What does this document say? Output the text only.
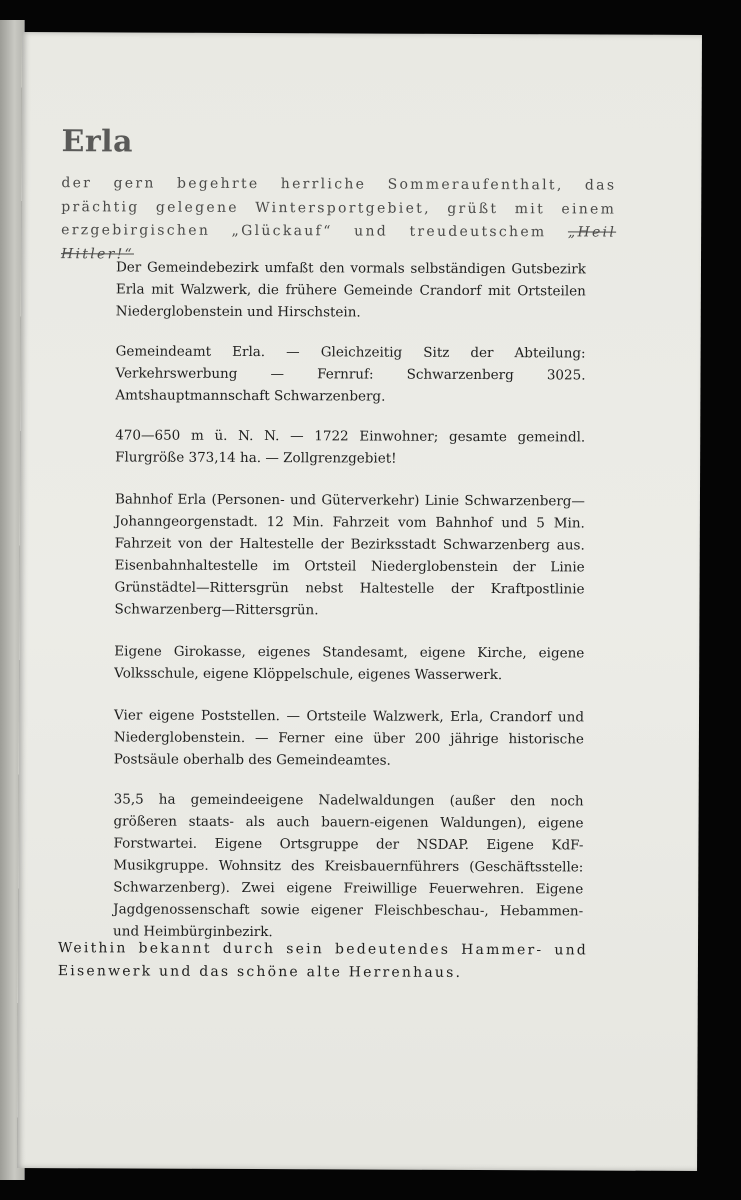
Erla

der gern begehrte herrliche Sommeraufenthalt, das prächtig gelegene Wintersportgebiet, grüßt mit einem erzgebirgischen „Glückauf“ und treudeutschem „Heil Hitler!“

Der Gemeindebezirk umfaßt den vormals selbständigen Gutsbezirk Erla mit Walzwerk, die frühere Gemeinde Crandorf mit Ortsteilen Niederglobenstein und Hirschstein.

Gemeindeamt Erla. — Gleichzeitig Sitz der Abteilung: Verkehrswerbung — Fernruf: Schwarzenberg 3025. Amtshauptmannschaft Schwarzenberg.

470—650 m ü. N. N. — 1722 Einwohner; gesamte gemeindl. Flurgröße 373,14 ha. — Zollgrenzgebiet!

Bahnhof Erla (Personen- und Güterverkehr) Linie Schwarzenberg—Johanngeorgenstadt. 12 Min. Fahrzeit vom Bahnhof und 5 Min. Fahrzeit von der Haltestelle der Bezirksstadt Schwarzenberg aus. Eisenbahnhaltestelle im Ortsteil Niederglobenstein der Linie Grünstädtel—Rittersgrün nebst Haltestelle der Kraftpostlinie Schwarzenberg—Rittersgrün.

Eigene Girokasse, eigenes Standesamt, eigene Kirche, eigene Volksschule, eigene Klöppelschule, eigenes Wasserwerk.

Vier eigene Poststellen. — Ortsteile Walzwerk, Erla, Crandorf und Niederglobenstein. — Ferner eine über 200 jährige historische Postsäule oberhalb des Gemeindeamtes.

35,5 ha gemeindeeigene Nadelwaldungen (außer den noch größeren staats- als auch bauern-eigenen Waldungen), eigene Forstwartei. Eigene Ortsgruppe der NSDAP. Eigene KdF-Musikgruppe. Wohnsitz des Kreisbauernführers (Geschäftsstelle: Schwarzenberg). Zwei eigene Freiwillige Feuerwehren. Eigene Jagdgenossenschaft sowie eigener Fleischbeschau-, Hebammen- und Heimbürginbezirk.

Weithin bekannt durch sein bedeutendes Hammer- und Eisenwerk und das schöne alte Herrenhaus.
